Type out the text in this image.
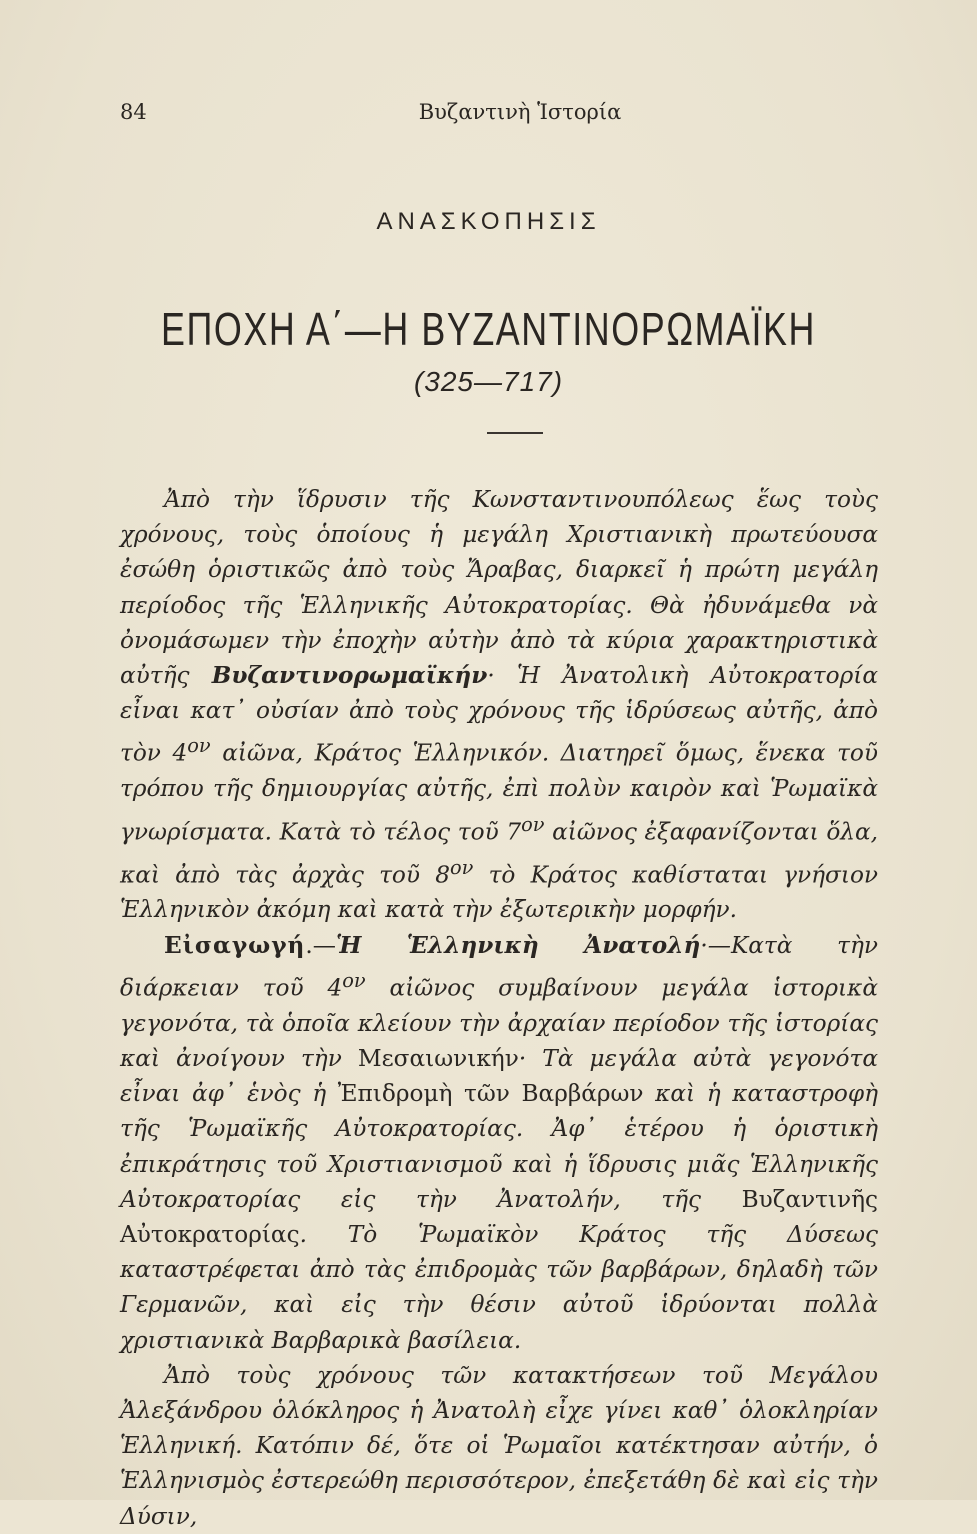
84	Βυζαντινὴ Ἱστορία
ΑΝΑΣΚΟΠΗΣΙΣ
ΕΠΟΧΗ Α΄—Η ΒΥΖΑΝΤΙΝΟΡΩΜΑΪΚΗ
(325—717)

Ἀπὸ τὴν ἵδρυσιν τῆς Κωνσταντινουπόλεως ἕως τοὺς χρόνους, τοὺς ὁποίους ἡ μεγάλη Χριστιανικὴ πρωτεύουσα ἐσώθη ὁριστικῶς ἀπὸ τοὺς Ἄραβας, διαρκεῖ ἡ πρώτη μεγάλη περίοδος τῆς Ἑλληνικῆς Αὐτοκρατορίας. Θὰ ἠδυνάμεθα νὰ ὀνομάσωμεν τὴν ἐποχὴν αὐτὴν ἀπὸ τὰ κύρια χαρακτηριστικὰ αὐτῆς Βυζαντινορωμαϊκήν· Ἡ Ἀνατολικὴ Αὐτοκρατορία εἶναι κατ᾽ οὐσίαν ἀπὸ τοὺς χρόνους τῆς ἱδρύσεως αὐτῆς, ἀπὸ τὸν $4^{o\nu}$ αἰῶνα, Κράτος Ἑλληνικόν. Διατηρεῖ ὅμως, ἕνεκα τοῦ τρόπου τῆς δημιουργίας αὐτῆς, ἐπὶ πολὺν καιρὸν καὶ Ῥωμαϊκὰ γνωρίσματα. Κατὰ τὸ τέλος τοῦ $7^{o\nu}$ αἰῶνος ἐξαφανίζονται ὅλα, καὶ ἀπὸ τὰς ἀρχὰς τοῦ $8^{o\nu}$ τὸ Κράτος καθίσταται γνήσιον Ἑλληνικὸν ἀκόμη καὶ κατὰ τὴν ἐξωτερικὴν μορφήν.

Εἰσαγωγή.—Ἡ Ἑλληνικὴ Ἀνατολή·—Κατὰ τὴν διάρκειαν τοῦ $4^{o\nu}$ αἰῶνος συμβαίνουν μεγάλα ἱστορικὰ γεγονότα, τὰ ὁποῖα κλείουν τὴν ἀρχαίαν περίοδον τῆς ἱστορίας καὶ ἀνοίγουν τὴν Μεσαιωνικήν· Τὰ μεγάλα αὐτὰ γεγονότα εἶναι ἀφ᾽ ἑνὸς ἡ Ἐπιδρομὴ τῶν Βαρβάρων καὶ ἡ καταστροφὴ τῆς Ῥωμαϊκῆς Αὐτοκρατορίας. Ἀφ᾽ ἑτέρου ἡ ὁριστικὴ ἐπικράτησις τοῦ Χριστιανισμοῦ καὶ ἡ ἵδρυσις μιᾶς Ἑλληνικῆς Αὐτοκρατορίας εἰς τὴν Ἀνατολήν, τῆς Βυζαντινῆς Αὐτοκρατορίας. Τὸ Ῥωμαϊκὸν Κράτος τῆς Δύσεως καταστρέφεται ἀπὸ τὰς ἐπιδρομὰς τῶν βαρβάρων, δηλαδὴ τῶν Γερμανῶν, καὶ εἰς τὴν θέσιν αὐτοῦ ἱδρύονται πολλὰ χριστιανικὰ Βαρβαρικὰ βασίλεια.

Ἀπὸ τοὺς χρόνους τῶν κατακτήσεων τοῦ Μεγάλου Ἀλεξάνδρου ὁλόκληρος ἡ Ἀνατολὴ εἶχε γίνει καθ᾽ ὁλοκληρίαν Ἑλληνική. Κατόπιν δέ, ὅτε οἱ Ῥωμαῖοι κατέκτησαν αὐτήν, ὁ Ἑλληνισμὸς ἐστερεώθη περισσότερον, ἐπεξετάθη δὲ καὶ εἰς τὴν Δύσιν,
